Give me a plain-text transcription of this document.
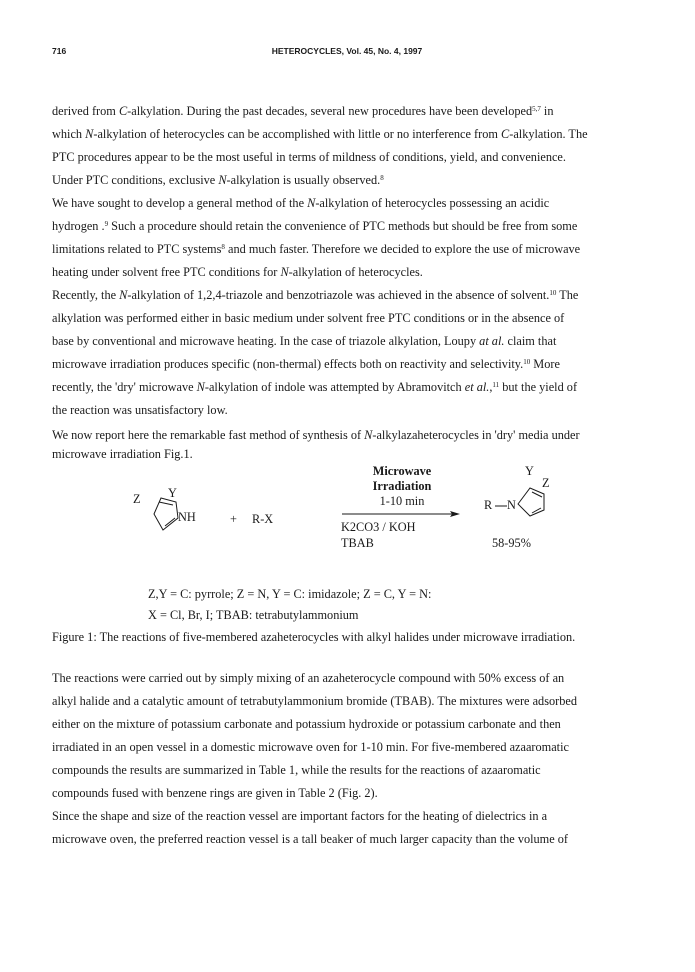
716	HETEROCYCLES, Vol. 45, No. 4, 1997

derived from C-alkylation. During the past decades, several new procedures have been developed$^{5,7}$ in

which N-alkylation of heterocycles can be accomplished with little or no interference from C-alkylation. The

PTC procedures appear to be the most useful in terms of mildness of conditions, yield, and convenience.

Under PTC conditions, exclusive N-alkylation is usually observed.$^8$

We have sought to develop a general method of the N-alkylation of heterocycles possessing an acidic

hydrogen .$^9$ Such a procedure should retain the convenience of PTC methods but should be free from some

limitations related to PTC systems$^8$ and much faster. Therefore we decided to explore the use of microwave

heating under solvent free PTC conditions for N-alkylation of heterocycles.

Recently, the N-alkylation of 1,2,4-triazole and benzotriazole was achieved in the absence of solvent.$^{10}$ The

alkylation was performed either in basic medium under solvent free PTC conditions or in the absence of

base by conventional and microwave heating. In the case of triazole alkylation, Loupy at al. claim that

microwave irradiation produces specific (non-thermal) effects both on reactivity and selectivity.$^{10}$ More

recently, the 'dry' microwave N-alkylation of indole was attempted by Abramovitch et al.,$^{11}$ but the yield of

the reaction was unsatisfactory low.

We now report here the remarkable fast method of synthesis of N-alkylazaheterocycles in 'dry' media under

microwave irradiation Fig.1.

Z Y
NH	+ R-X
Microwave
Irradiation
1-10 min
K2CO3 / KOH
TBAB
R N
Y
Z
58-95%

Z,Y = C: pyrrole; Z = N, Y = C: imidazole; Z = C, Y = N:

X = Cl, Br, I; TBAB: tetrabutylammonium

Figure 1: The reactions of five-membered azaheterocycles with alkyl halides under microwave irradiation.

The reactions were carried out by simply mixing of an azaheterocycle compound with 50% excess of an

alkyl halide and a catalytic amount of tetrabutylammonium bromide (TBAB). The mixtures were adsorbed

either on the mixture of potassium carbonate and potassium hydroxide or potassium carbonate and then

irradiated in an open vessel in a domestic microwave oven for 1-10 min. For five-membered azaaromatic

compounds the results are summarized in Table 1, while the results for the reactions of azaaromatic

compounds fused with benzene rings are given in Table 2 (Fig. 2).

Since the shape and size of the reaction vessel are important factors for the heating of dielectrics in a

microwave oven, the preferred reaction vessel is a tall beaker of much larger capacity than the volume of
